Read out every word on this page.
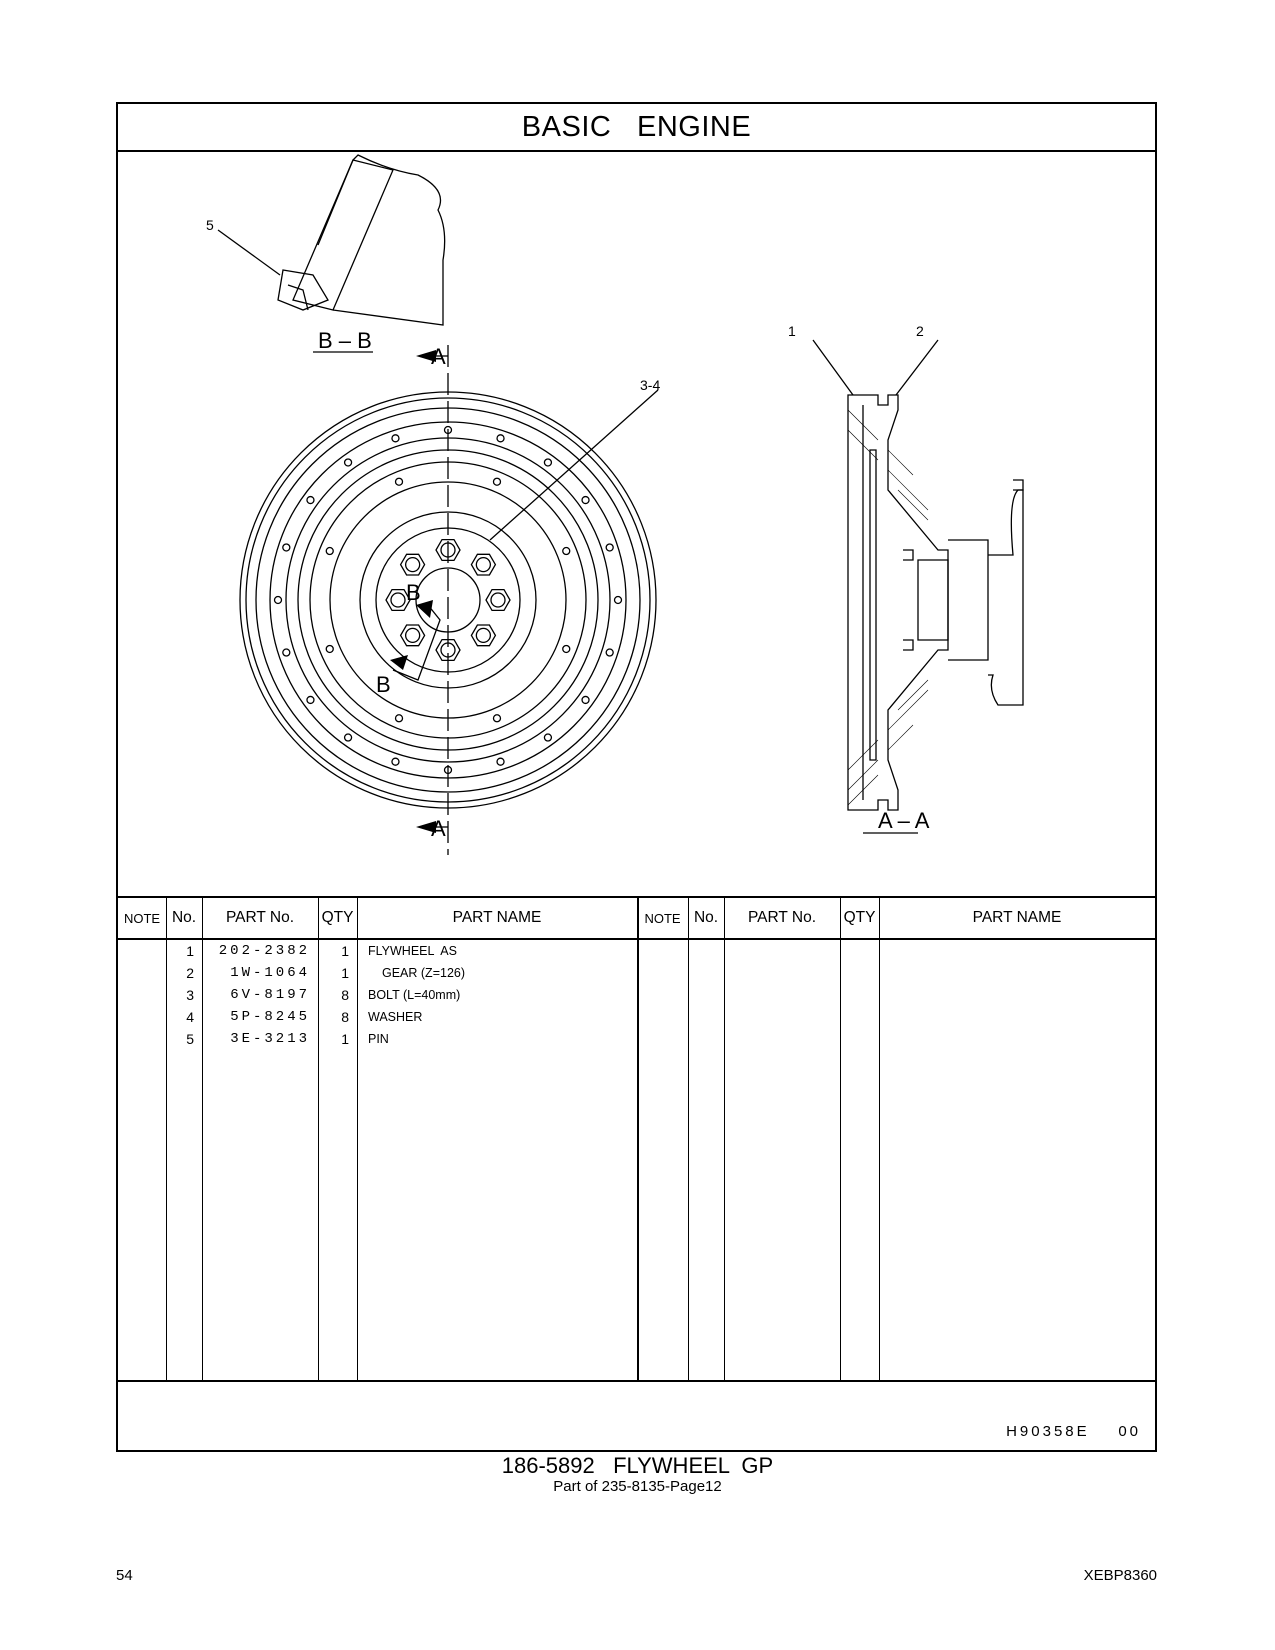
BASIC   ENGINE
5
1	2
3-4
B – B
A – A
A
A
B
B
NOTE No.	PART No.	QTY	PART NAME	NOTE No.	PART No.	QTY	PART NAME
1	202-2382	1 FLYWHEEL  AS
2	1W-1064	1	GEAR (Z=126)
3	6V-8197	8 BOLT (L=40mm)
4	5P-8245	8 WASHER
5	3E-3213	1 PIN
H90358E    00
186-5892   FLYWHEEL  GP
Part of 235-8135-Page12
54	XEBP8360
